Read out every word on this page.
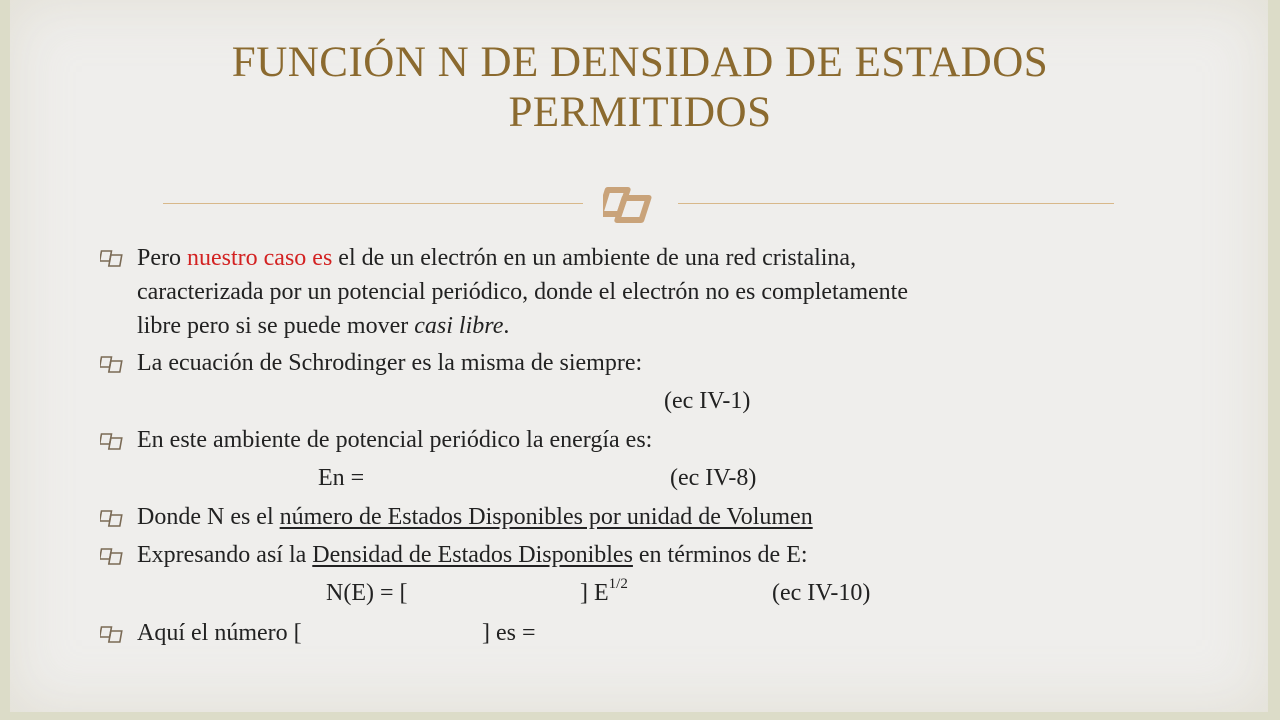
FUNCIÓN N DE DENSIDAD DE ESTADOS
PERMITIDOS
Pero nuestro caso es el de un electrón en un ambiente de una red cristalina,
caracterizada por un potencial periódico, donde el electrón no es completamente
libre pero si se puede mover casi libre.
La ecuación de Schrodinger es la misma de siempre:
(ec IV-1)
En este ambiente de potencial periódico la energía es:
En =	(ec IV-8)
Donde N es el número de Estados Disponibles por unidad de Volumen
Expresando así la Densidad de Estados Disponibles en términos de E:
N(E) = [	] $E^{1/2}$	(ec IV-10)
Aquí el número [	] es =
